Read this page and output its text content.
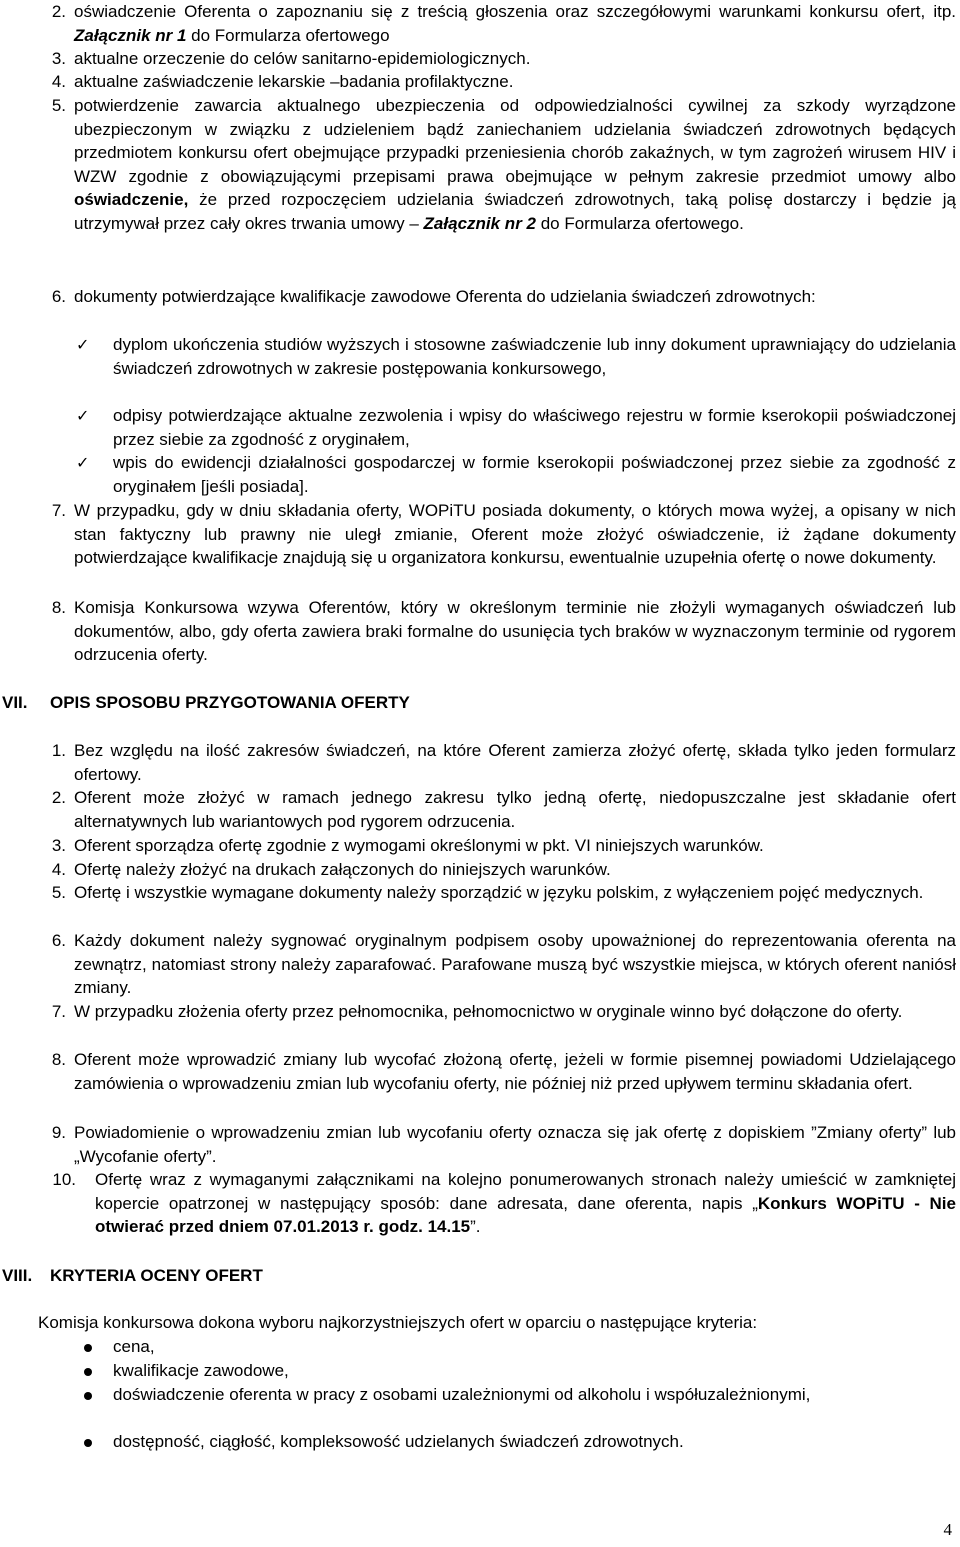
2. oświadczenie Oferenta o zapoznaniu się z treścią głoszenia oraz szczegółowymi warunkami konkursu ofert, itp. Załącznik nr 1 do Formularza ofertowego
3. aktualne orzeczenie do celów sanitarno-epidemiologicznych.
4. aktualne zaświadczenie lekarskie –badania profilaktyczne.
5. potwierdzenie zawarcia aktualnego ubezpieczenia od odpowiedzialności cywilnej za szkody wyrządzone ubezpieczonym w związku z udzieleniem bądź zaniechaniem udzielania świadczeń zdrowotnych będących przedmiotem konkursu ofert obejmujące przypadki przeniesienia chorób zakaźnych, w tym zagrożeń wirusem HIV i WZW zgodnie z obowiązującymi przepisami prawa obejmujące w pełnym zakresie przedmiot umowy albo oświadczenie, że przed rozpoczęciem udzielania świadczeń zdrowotnych, taką polisę dostarczy i będzie ją utrzymywał przez cały okres trwania umowy – Załącznik nr 2 do Formularza ofertowego.
6. dokumenty potwierdzające kwalifikacje zawodowe Oferenta do udzielania świadczeń zdrowotnych:
✓	dyplom ukończenia studiów wyższych i stosowne zaświadczenie lub inny dokument uprawniający do udzielania świadczeń zdrowotnych w zakresie postępowania konkursowego,
✓	odpisy potwierdzające aktualne zezwolenia i wpisy do właściwego rejestru w formie kserokopii poświadczonej przez siebie za zgodność z oryginałem,
✓	wpis do ewidencji działalności gospodarczej w formie kserokopii poświadczonej przez siebie za zgodność z oryginałem [jeśli posiada].
7. W przypadku, gdy w dniu składania oferty, WOPiTU posiada dokumenty, o których mowa wyżej, a opisany w nich stan faktyczny lub prawny nie uległ zmianie, Oferent może złożyć oświadczenie, iż żądane dokumenty potwierdzające kwalifikacje znajdują się u organizatora konkursu, ewentualnie uzupełnia ofertę o nowe dokumenty.
8. Komisja Konkursowa wzywa Oferentów, który w określonym terminie nie złożyli wymaganych oświadczeń lub dokumentów, albo, gdy oferta zawiera braki formalne do usunięcia tych braków w wyznaczonym terminie od rygorem odrzucenia oferty.
VII. OPIS SPOSOBU PRZYGOTOWANIA OFERTY
1. Bez względu na ilość zakresów świadczeń, na które Oferent zamierza złożyć ofertę, składa tylko jeden formularz ofertowy.
2. Oferent może złożyć w ramach jednego zakresu tylko jedną ofertę, niedopuszczalne jest składanie ofert alternatywnych lub wariantowych pod rygorem odrzucenia.
3. Oferent sporządza ofertę zgodnie z wymogami określonymi w pkt. VI niniejszych warunków.
4. Ofertę należy złożyć na drukach załączonych do niniejszych warunków.
5. Ofertę i wszystkie wymagane dokumenty należy sporządzić w języku polskim, z wyłączeniem pojęć medycznych.
6. Każdy dokument należy sygnować oryginalnym podpisem osoby upoważnionej do reprezentowania oferenta na zewnątrz, natomiast strony należy zaparafować. Parafowane muszą być wszystkie miejsca, w których oferent naniósł zmiany.
7. W przypadku złożenia oferty przez pełnomocnika, pełnomocnictwo w oryginale winno być dołączone do oferty.
8. Oferent może wprowadzić zmiany lub wycofać złożoną ofertę, jeżeli w formie pisemnej powiadomi Udzielającego zamówienia o wprowadzeniu zmian lub wycofaniu oferty, nie później niż przed upływem terminu składania ofert.
9. Powiadomienie o wprowadzeniu zmian lub wycofaniu oferty oznacza się jak ofertę z dopiskiem ”Zmiany oferty” lub „Wycofanie oferty”.
10. Ofertę wraz z wymaganymi załącznikami na kolejno ponumerowanych stronach należy umieścić w zamkniętej kopercie opatrzonej w następujący sposób: dane adresata, dane oferenta, napis „Konkurs WOPiTU - Nie otwierać przed dniem 07.01.2013 r. godz. 14.15”.
VIII. KRYTERIA OCENY OFERT
Komisja konkursowa dokona wyboru najkorzystniejszych ofert w oparciu o następujące kryteria:
cena,
kwalifikacje zawodowe,
doświadczenie oferenta w pracy z osobami uzależnionymi od alkoholu i współuzależnionymi,
dostępność, ciągłość, kompleksowość udzielanych świadczeń zdrowotnych.
4
